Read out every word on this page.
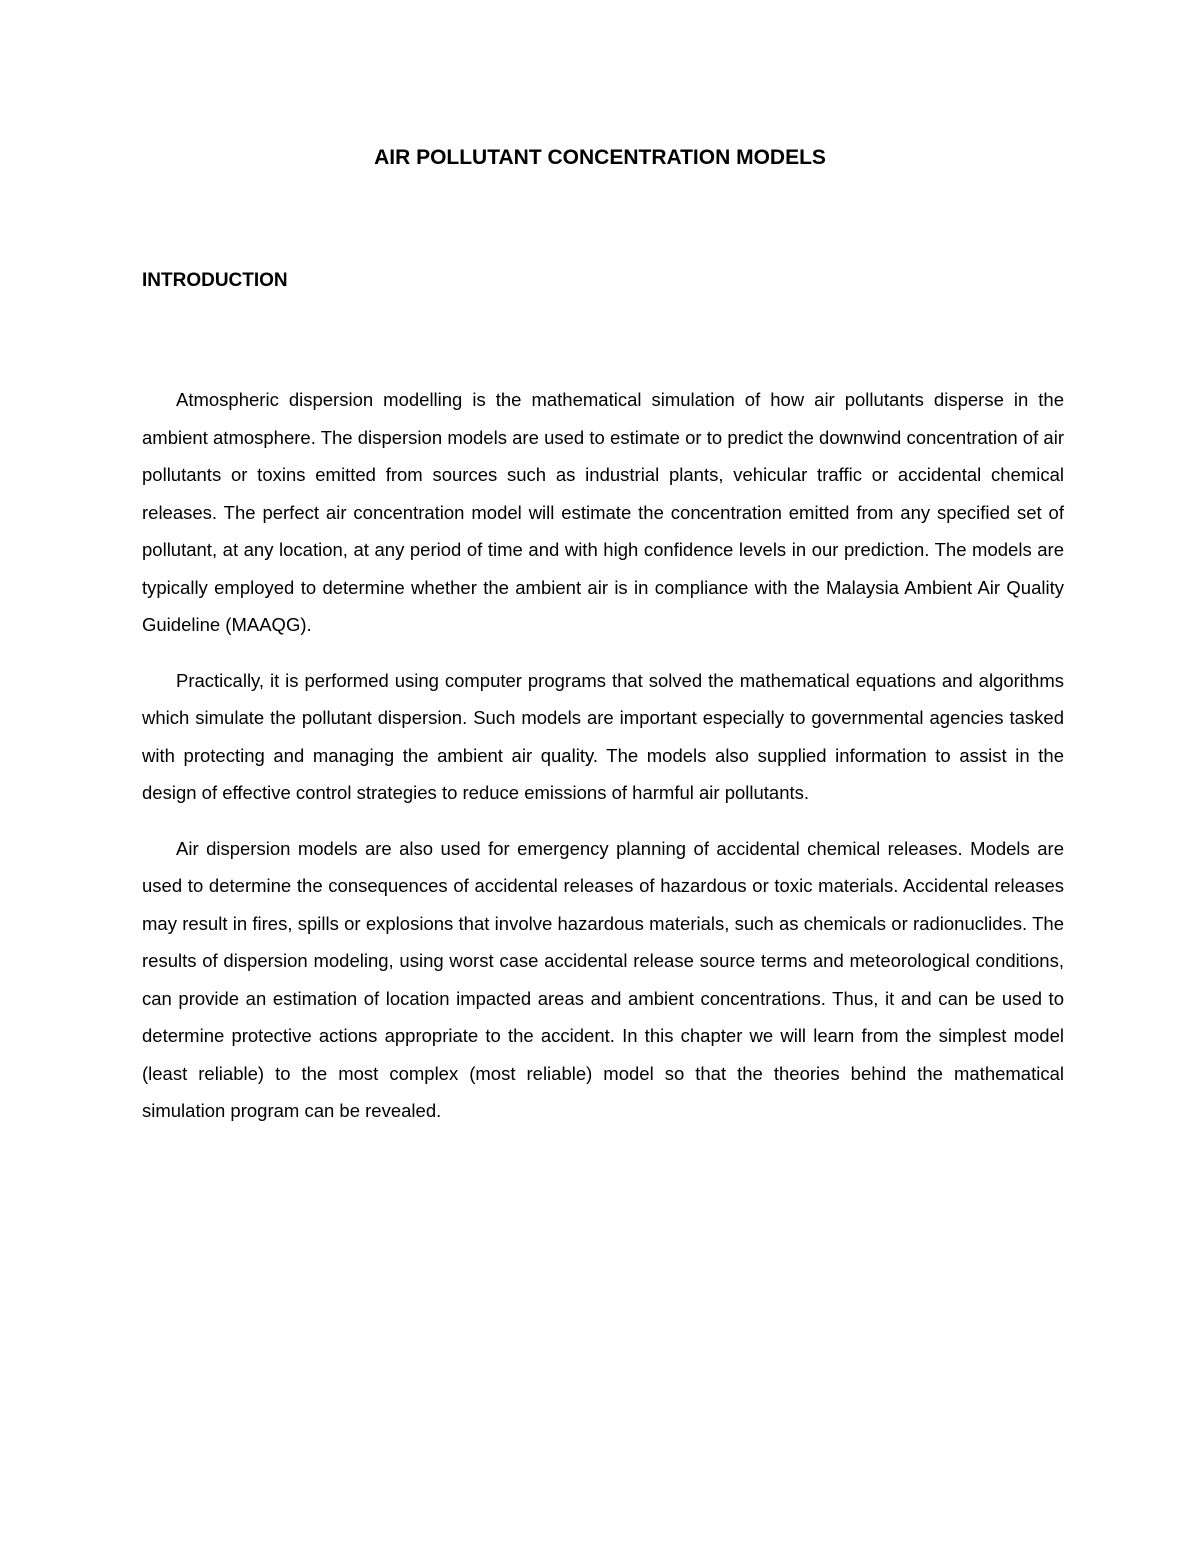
AIR POLLUTANT CONCENTRATION MODELS
INTRODUCTION

Atmospheric dispersion modelling is the mathematical simulation of how air pollutants disperse in the ambient atmosphere. The dispersion models are used to estimate or to predict the downwind concentration of air pollutants or toxins emitted from sources such as industrial plants, vehicular traffic or accidental chemical releases. The perfect air concentration model will estimate the concentration emitted from any specified set of pollutant, at any location, at any period of time and with high confidence levels in our prediction. The models are typically employed to determine whether the ambient air is in compliance with the Malaysia Ambient Air Quality Guideline (MAAQG).

Practically, it is performed using computer programs that solved the mathematical equations and algorithms which simulate the pollutant dispersion. Such models are important especially to governmental agencies tasked with protecting and managing the ambient air quality. The models also supplied information to assist in the design of effective control strategies to reduce emissions of harmful air pollutants.

Air dispersion models are also used for emergency planning of accidental chemical releases. Models are used to determine the consequences of accidental releases of hazardous or toxic materials. Accidental releases may result in fires, spills or explosions that involve hazardous materials, such as chemicals or radionuclides. The results of dispersion modeling, using worst case accidental release source terms and meteorological conditions, can provide an estimation of location impacted areas and ambient concentrations. Thus, it and can be used to determine protective actions appropriate to the accident. In this chapter we will learn from the simplest model (least reliable) to the most complex (most reliable) model so that the theories behind the mathematical simulation program can be revealed.
